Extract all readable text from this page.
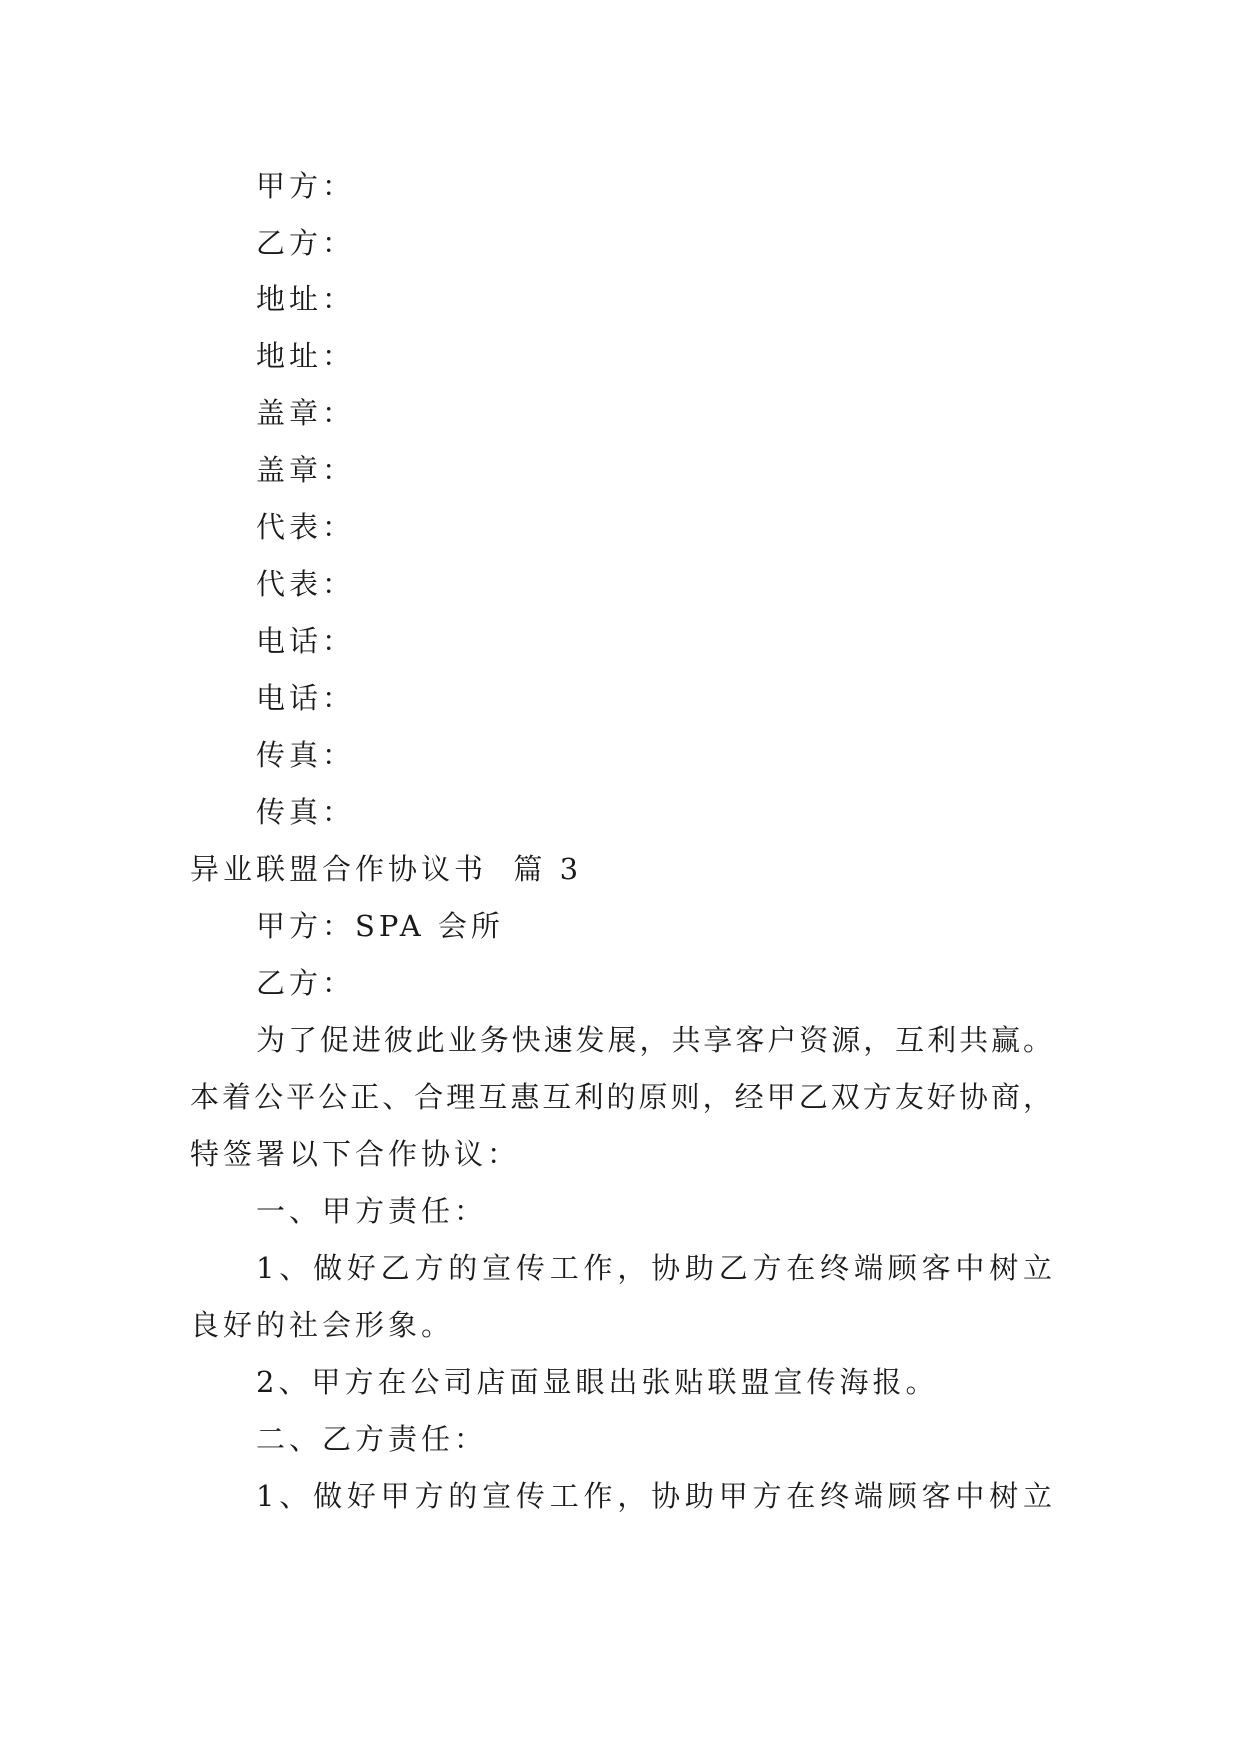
甲方：
乙方：
地址：
地址：
盖章：
盖章：
代表：
代表：
电话：
电话：
传真：
传真：
异业联盟合作协议书  篇 3
甲方：SPA 会所
乙方：
为了促进彼此业务快速发展，共享客户资源，互利共赢。
本着公平公正、合理互惠互利的原则，经甲乙双方友好协商，
特签署以下合作协议：
一、甲方责任：
1、做好乙方的宣传工作，协助乙方在终端顾客中树立
良好的社会形象。
2、甲方在公司店面显眼出张贴联盟宣传海报。
二、乙方责任：
1、做好甲方的宣传工作，协助甲方在终端顾客中树立
